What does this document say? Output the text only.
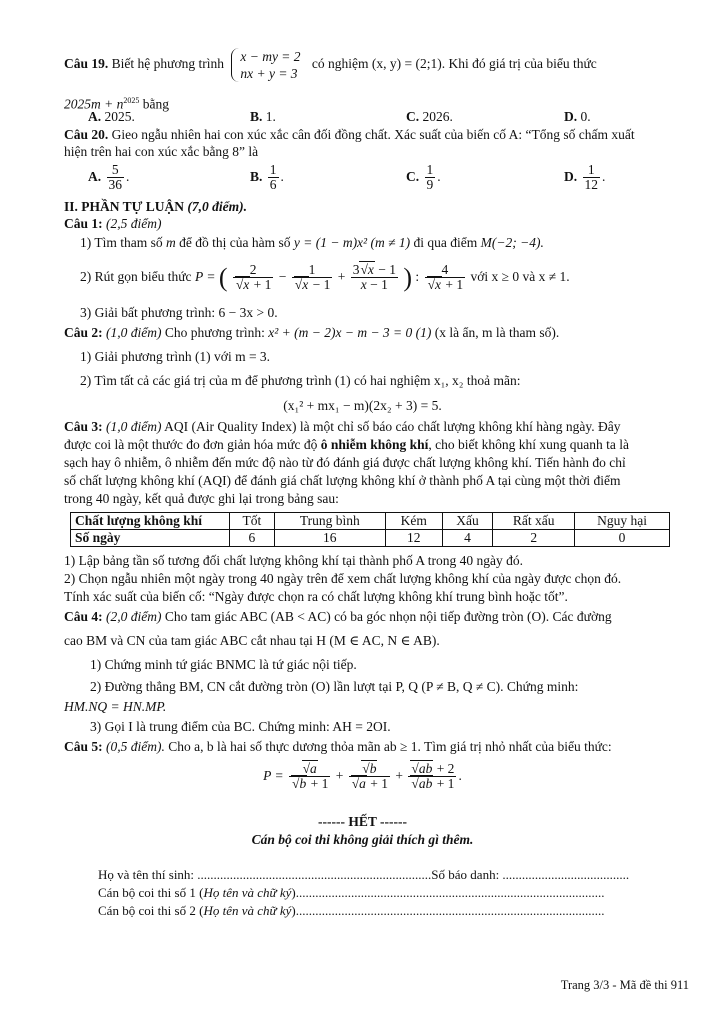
Câu 19. Biết hệ phương trình x − my = 2
nx + y = 3
có nghiệm (x, y) = (2;1). Khi đó giá trị của biểu thức
$2025m + n^{2025}$ bằng
A. 2025.	B. 1.	C. 2026.	D. 0.
Câu 20. Gieo ngẫu nhiên hai con xúc xắc cân đối đồng chất. Xác suất của biến cố A: “Tổng số chấm xuất
hiện trên hai con xúc xắc bằng 8” là
A. $\frac{5}{36}$ .	B. $\frac{1}{6}$ .	C. $\frac{1}{9}$ .	D. $\frac{1}{12}$ .
II. PHẦN TỰ LUẬN (7,0 điểm).
Câu 1: (2,5 điểm)
1) Tìm tham số m để đồ thị của hàm số y = (1 − m)x² (m ≠ 1) đi qua điểm M(−2; −4).
2) Rút gọn biểu thức P = ( 2
√ x + 1 − 1
√ $x - 1 + \frac{3 √ x - 1}{x - 1}$ ) : 4
√ x + 1 với x ≥ 0 và x ≠ 1.
3) Giải bất phương trình: 6 − 3x > 0.
Câu 2: (1,0 điểm) Cho phương trình: x² + (m − 2)x − m − 3 = 0 (1) (x là ẩn, m là tham số).
1) Giải phương trình (1) với m = 3.
2) Tìm tất cả các giá trị của m để phương trình (1) có hai nghiệm x₁, x₂ thoả mãn:
(x₁² + mx₁ − m)(2x₂ + 3) = 5.
Câu 3: (1,0 điểm) AQI (Air Quality Index) là một chỉ số báo cáo chất lượng không khí hàng ngày. Đây
được coi là một thước đo đơn giản hóa mức độ ô nhiễm không khí, cho biết không khí xung quanh ta là
sạch hay ô nhiễm, ô nhiễm đến mức độ nào từ đó đánh giá được chất lượng không khí. Tiến hành đo chỉ
số chất lượng không khí (AQI) để đánh giá chất lượng không khí ở thành phố A tại cùng một thời điểm
trong 40 ngày, kết quả được ghi lại trong bảng sau:
Chất lượng không khí	Tốt	Trung bình	Kém	Xấu	Rất xấu	Nguy hại
Số ngày	6	16	12	4	2	0
1) Lập bảng tần số tương đối chất lượng không khí tại thành phố A trong 40 ngày đó.
2) Chọn ngẫu nhiên một ngày trong 40 ngày trên để xem chất lượng không khí của ngày được chọn đó.
Tính xác suất của biến cố: “Ngày được chọn ra có chất lượng không khí trung bình hoặc tốt”.
Câu 4: (2,0 điểm) Cho tam giác ABC (AB < AC) có ba góc nhọn nội tiếp đường tròn (O). Các đường
cao BM và CN của tam giác ABC cắt nhau tại H (M ∈ AC, N ∈ AB).
1) Chứng minh tứ giác BNMC là tứ giác nội tiếp.
2) Đường thẳng BM, CN cắt đường tròn (O) lần lượt tại P, Q (P ≠ B, Q ≠ C). Chứng minh:
HM.NQ = HN.MP.
3) Gọi I là trung điểm của BC. Chứng minh: AH = 2OI.
Câu 5: (0,5 điểm). Cho a, b là hai số thực dương thỏa mãn ab ≥ 1. Tìm giá trị nhỏ nhất của biểu thức:
P = √ a
√ b + 1 + √ b
√ a + 1 + √ ab + 2
√ ab + 1 .
------ HẾT ------
Cán bộ coi thi không giải thích gì thêm.
Họ và tên thí sinh: ........................................................................Số báo danh: .......................................
Cán bộ coi thi số 1 (Họ tên và chữ ký)...............................................................................................
Cán bộ coi thi số 2 (Họ tên và chữ ký)...............................................................................................
Trang 3/3 - Mã đề thi 911
